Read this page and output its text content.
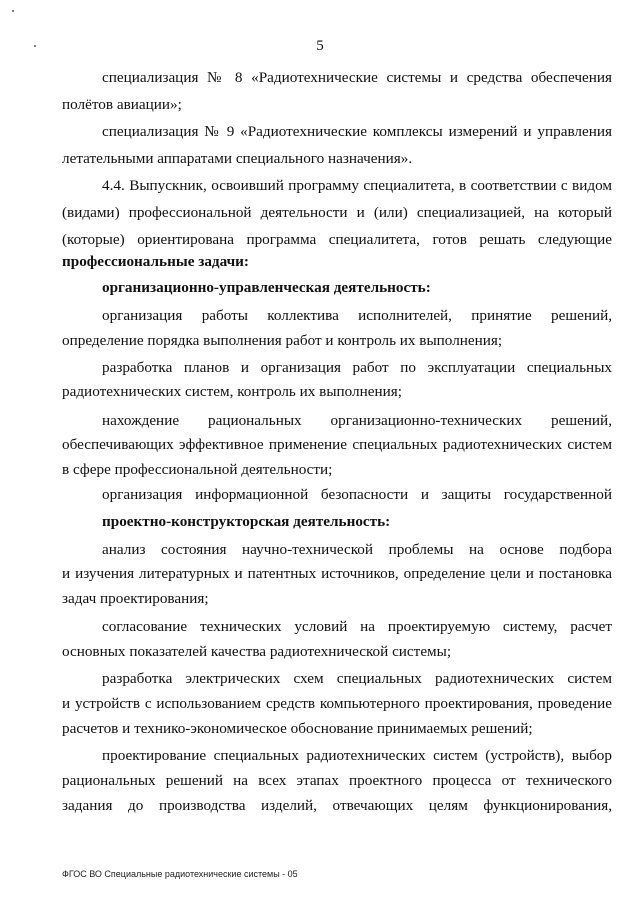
5
специализация № 8 «Радиотехнические системы и средства обеспечения
полётов авиации»;
специализация № 9 «Радиотехнические комплексы измерений и управления
летательными аппаратами специального назначения».
4.4. Выпускник, освоивший программу специалитета, в соответствии с видом
(видами) профессиональной деятельности и (или) специализацией, на который
(которые) ориентирована программа специалитета, готов решать следующие
профессиональные задачи:
организационно-управленческая деятельность:
организация работы коллектива исполнителей, принятие решений,
определение порядка выполнения работ и контроль их выполнения;
разработка планов и организация работ по эксплуатации специальных
радиотехнических систем, контроль их выполнения;
нахождение рациональных организационно-технических решений,
обеспечивающих эффективное применение специальных радиотехнических систем
в сфере профессиональной деятельности;
организация информационной безопасности и защиты государственной
проектно-конструкторская деятельность:
анализ состояния научно-технической проблемы на основе подбора
и изучения литературных и патентных источников, определение цели и постановка
задач проектирования;
согласование технических условий на проектируемую систему, расчет
основных показателей качества радиотехнической системы;
разработка электрических схем специальных радиотехнических систем
и устройств с использованием средств компьютерного проектирования, проведение
расчетов и технико-экономическое обоснование принимаемых решений;
проектирование специальных радиотехнических систем (устройств), выбор
рациональных решений на всех этапах проектного процесса от технического
задания до производства изделий, отвечающих целям функционирования,
ФГОС ВО Специальные радиотехнические системы - 05
